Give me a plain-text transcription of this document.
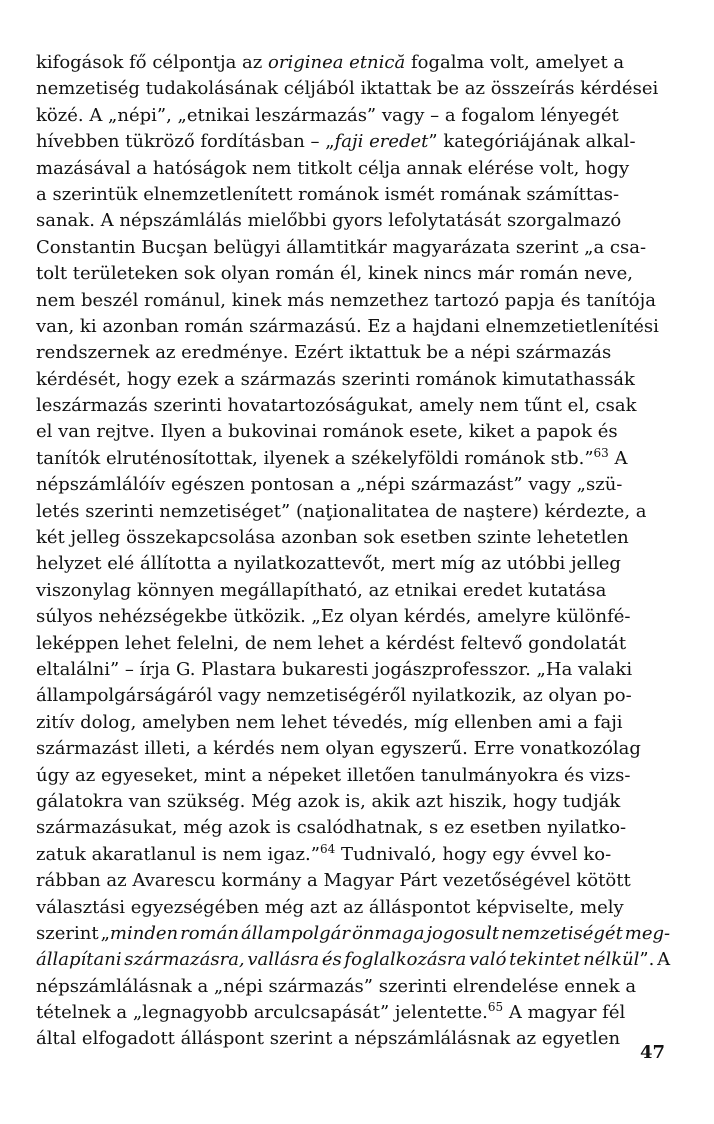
kifogások fő célpontja az originea etnică fogalma volt, amelyet a
nemzetiség tudakolásának céljából iktattak be az összeírás kérdései
közé. A „népi”, „etnikai leszármazás” vagy – a fogalom lényegét
hívebben tükröző fordításban – „faji eredet” kategóriájának alkal-
mazásával a hatóságok nem titkolt célja annak elérése volt, hogy
a szerintük elnemzetlenített románok ismét romának számíttas-
sanak. A népszámlálás mielőbbi gyors lefolytatását szorgalmazó
Constantin Bucşan belügyi államtitkár magyarázata szerint „a csa-
tolt területeken sok olyan román él, kinek nincs már román neve,
nem beszél románul, kinek más nemzethez tartozó papja és tanítója
van, ki azonban román származású. Ez a hajdani elnemzetietlenítési
rendszernek az eredménye. Ezért iktattuk be a népi származás
kérdését, hogy ezek a származás szerinti románok kimutathassák
leszármazás szerinti hovatartozóságukat, amely nem tűnt el, csak
el van rejtve. Ilyen a bukovinai románok esete, kiket a papok és
tanítók elruténosítottak, ilyenek a székelyföldi románok stb.”$^{63}$ A
népszámlálóív egészen pontosan a „népi származást” vagy „szü-
letés szerinti nemzetiséget” (naţionalitatea de naştere) kérdezte, a
két jelleg összekapcsolása azonban sok esetben szinte lehetetlen
helyzet elé állította a nyilatkozattevőt, mert míg az utóbbi jelleg
viszonylag könnyen megállapítható, az etnikai eredet kutatása
súlyos nehézségekbe ütközik. „Ez olyan kérdés, amelyre különfé-
leképpen lehet felelni, de nem lehet a kérdést feltevő gondolatát
eltalálni” – írja G. Plastara bukaresti jogászprofesszor. „Ha valaki
állampolgárságáról vagy nemzetiségéről nyilatkozik, az olyan po-
zitív dolog, amelyben nem lehet tévedés, míg ellenben ami a faji
származást illeti, a kérdés nem olyan egyszerű. Erre vonatkozólag
úgy az egyeseket, mint a népeket illetően tanulmányokra és vizs-
gálatokra van szükség. Még azok is, akik azt hiszik, hogy tudják
származásukat, még azok is csalódhatnak, s ez esetben nyilatko-
zatuk akaratlanul is nem igaz.”$^{64}$ Tudnivaló, hogy egy évvel ko-
rábban az Avarescu kormány a Magyar Párt vezetőségével kötött
választási egyezségében még azt az álláspontot képviselte, mely
szerint „minden román állampolgár önmaga jogosult nemzetiségét meg-
állapítani származásra, vallásra és foglalkozásra való tekintet nélkül”. A
népszámlálásnak a „népi származás” szerinti elrendelése ennek a
tételnek a „legnagyobb arculcsapását” jelentette.$^{65}$ A magyar fél
által elfogadott álláspont szerint a népszámlálásnak az egyetlen
47
